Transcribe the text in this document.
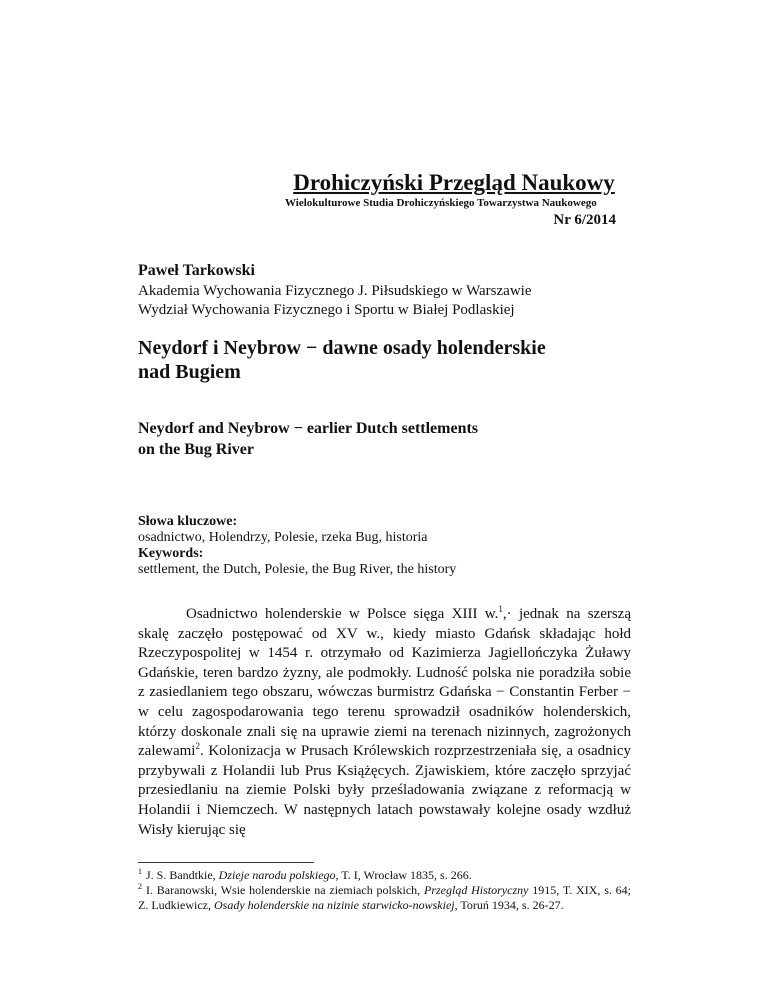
Drohiczyński Przegląd Naukowy
Wielokulturowe Studia Drohiczyńskiego Towarzystwa Naukowego
Nr 6/2014
Paweł Tarkowski
Akademia Wychowania Fizycznego J. Piłsudskiego w Warszawie
Wydział Wychowania Fizycznego i Sportu w Białej Podlaskiej
Neydorf i Neybrow − dawne osady holenderskie
nad Bugiem
Neydorf and Neybrow − earlier Dutch settlements
on the Bug River
Słowa kluczowe:
osadnictwo, Holendrzy, Polesie, rzeka Bug, historia
Keywords:
settlement, the Dutch, Polesie, the Bug River, the history

Osadnictwo holenderskie w Polsce sięga XIII w.$^1$,· jednak na szerszą skalę zaczęło postępować od XV w., kiedy miasto Gdańsk składając hołd Rzeczypospolitej w 1454 r. otrzymało od Kazimierza Jagiellończyka Żuławy Gdańskie, teren bardzo żyzny, ale podmokły. Ludność polska nie poradziła sobie z zasiedlaniem tego obszaru, wówczas burmistrz Gdańska − Constantin Ferber − w celu zagospodarowania tego terenu sprowadził osadników holenderskich, którzy doskonale znali się na uprawie ziemi na terenach nizinnych, zagrożonych zalewami$^2$. Kolonizacja w Prusach Królewskich rozprzestrzeniała się, a osadnicy przybywali z Holandii lub Prus Książęcych. Zjawiskiem, które zaczęło sprzyjać przesiedlaniu na ziemie Polski były prześladowania związane z reformacją w Holandii i Niemczech. W następnych latach powstawały kolejne osady wzdłuż Wisły kierując się

$^1$ J. S. Bandtkie, Dzieje narodu polskiego, T. I, Wrocław 1835, s. 266.

$^2$ I. Baranowski, Wsie holenderskie na ziemiach polskich, Przegląd Historyczny 1915, T. XIX, s. 64; Z. Ludkiewicz, Osady holenderskie na nizinie starwicko-nowskiej, Toruń 1934, s. 26-27.
